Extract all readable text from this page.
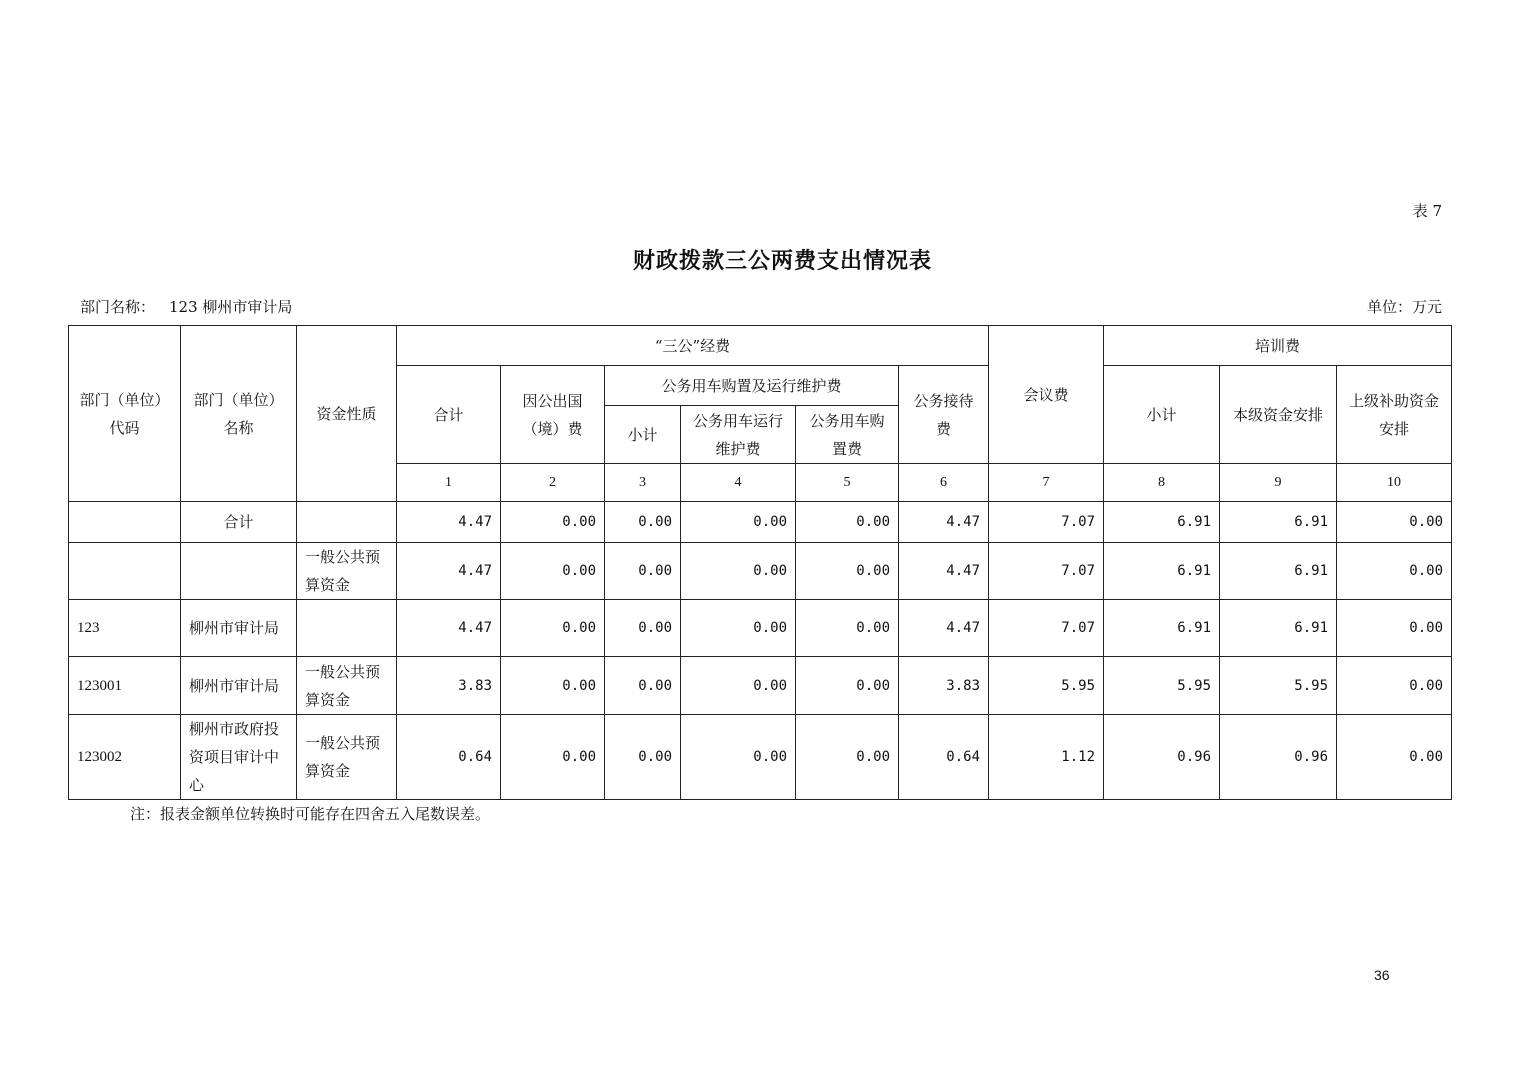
表 7
财政拨款三公两费支出情况表
部门名称： 123 柳州市审计局	单位：万元
部门（单位）代码	部门（单位）名称	资金性质	“三公”经费						会议费	培训费		
			合计	因公出国（境）费	公务用车购置及运行维护费			公务接待费		小计	本级资金安排	上级补助资金安排
					小计	公务用车运行维护费	公务用车购置费					
			1	2	3	4	5	6	7	8	9	10
	合计		4.47	0.00	0.00	0.00	0.00	4.47	7.07	6.91	6.91	0.00
		一般公共预算资金	4.47	0.00	0.00	0.00	0.00	4.47	7.07	6.91	6.91	0.00
123	柳州市审计局		4.47	0.00	0.00	0.00	0.00	4.47	7.07	6.91	6.91	0.00
123001	柳州市审计局	一般公共预算资金	3.83	0.00	0.00	0.00	0.00	3.83	5.95	5.95	5.95	0.00
123002	柳州市政府投资项目审计中心	一般公共预算资金	0.64	0.00	0.00	0.00	0.00	0.64	1.12	0.96	0.96	0.00
注：报表金额单位转换时可能存在四舍五入尾数误差。
36
